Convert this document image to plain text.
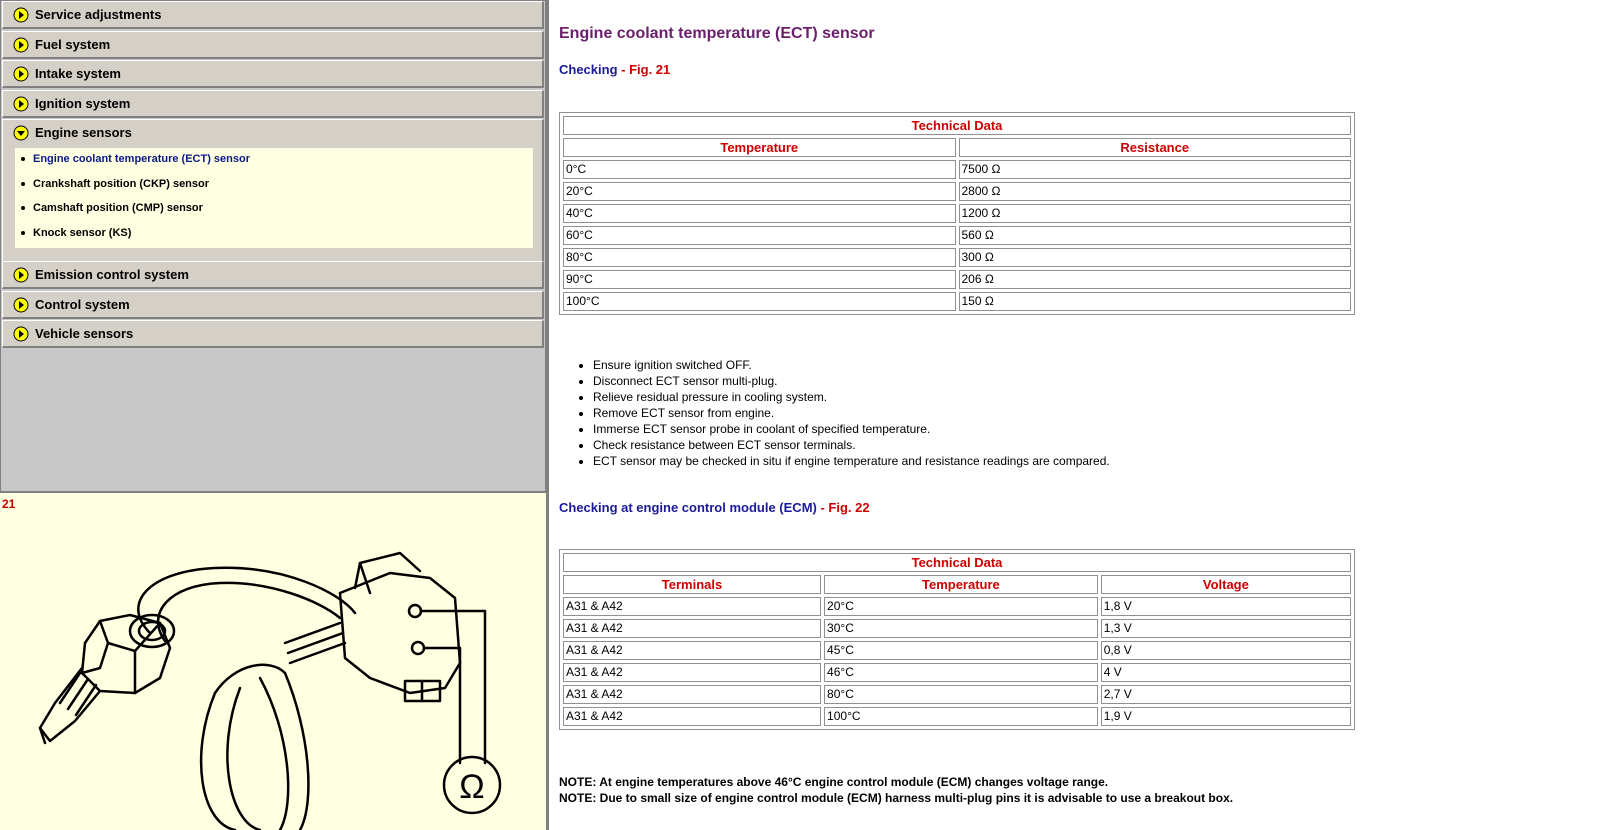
Service adjustments
Fuel system
Intake system
Ignition system
Engine sensors
Engine coolant temperature (ECT) sensor
Crankshaft position (CKP) sensor
Camshaft position (CMP) sensor
Knock sensor (KS)
Emission control system
Control system
Vehicle sensors
Ω
21
Engine coolant temperature (ECT) sensor
Checking - Fig. 21
Technical Data	
Temperature	Resistance
0°C	7500 Ω
20°C	2800 Ω
40°C	1200 Ω
60°C	560 Ω
80°C	300 Ω
90°C	206 Ω
100°C	150 Ω
• Ensure ignition switched OFF.
• Disconnect ECT sensor multi-plug.
• Relieve residual pressure in cooling system.
• Remove ECT sensor from engine.
• Immerse ECT sensor probe in coolant of specified temperature.
• Check resistance between ECT sensor terminals.
• ECT sensor may be checked in situ if engine temperature and resistance readings are compared.
Checking at engine control module (ECM) - Fig. 22
Technical Data		
Terminals	Temperature	Voltage
A31 & A42	20°C	1,8 V
A31 & A42	30°C	1,3 V
A31 & A42	45°C	0,8 V
A31 & A42	46°C	4 V
A31 & A42	80°C	2,7 V
A31 & A42	100°C	1,9 V
NOTE: At engine temperatures above 46°C engine control module (ECM) changes voltage range.
NOTE: Due to small size of engine control module (ECM) harness multi-plug pins it is advisable to use a breakout box.
